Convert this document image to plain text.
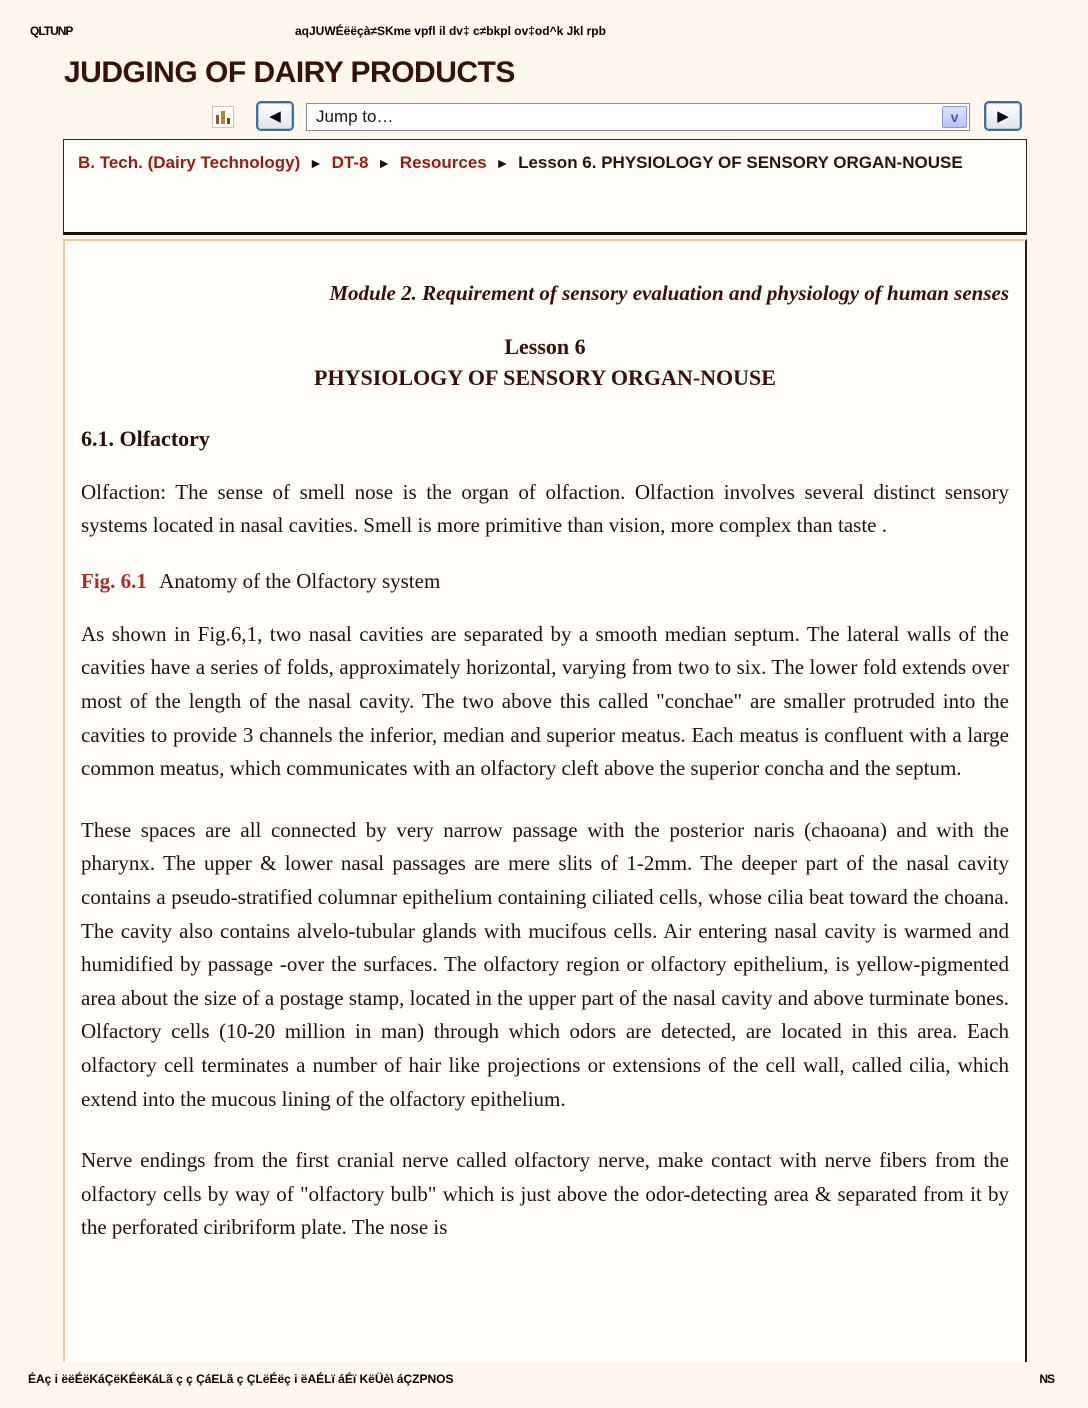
QLTUNP	aqJUWÉëëçà≠SKme vpfl il dv‡ c≠bkpl ov‡od^k Jkl rpb
JUDGING OF DAIRY PRODUCTS
◀	Jump to…	v	▶
B. Tech. (Dairy Technology) ► DT-8 ► Resources ► Lesson 6. PHYSIOLOGY OF SENSORY ORGAN-NOUSE
Module 2. Requirement of sensory evaluation and physiology of human senses
Lesson 6
PHYSIOLOGY OF SENSORY ORGAN-NOUSE
6.1. Olfactory

Olfaction: The sense of smell nose is the organ of olfaction. Olfaction involves several distinct sensory systems located in nasal cavities. Smell is more primitive than vision, more complex than taste .

Fig. 6.1 Anatomy of the Olfactory system

As shown in Fig.6,1, two nasal cavities are separated by a smooth median septum. The lateral walls of the cavities have a series of folds, approximately horizontal, varying from two to six. The lower fold extends over most of the length of the nasal cavity. The two above this called "conchae" are smaller protruded into the cavities to provide 3 channels the inferior, median and superior meatus. Each meatus is confluent with a large common meatus, which communicates with an olfactory cleft above the superior concha and the septum.

These spaces are all connected by very narrow passage with the posterior naris (chaoana) and with the pharynx. The upper & lower nasal passages are mere slits of 1-2mm. The deeper part of the nasal cavity contains a pseudo-stratified columnar epithelium containing ciliated cells, whose cilia beat toward the choana. The cavity also contains alvelo-tubular glands with mucifous cells. Air entering nasal cavity is warmed and humidified by passage -over the surfaces. The olfactory region or olfactory epithelium, is yellow-pigmented area about the size of a postage stamp, located in the upper part of the nasal cavity and above turminate bones. Olfactory cells (10-20 million in man) through which odors are detected, are located in this area. Each olfactory cell terminates a number of hair like projections or extensions of the cell wall, called cilia, which extend into the mucous lining of the olfactory epithelium.

Nerve endings from the first cranial nerve called olfactory nerve, make contact with nerve fibers from the olfactory cells by way of "olfactory bulb" which is just above the odor-detecting area & separated from it by the perforated ciribriform plate. The nose is

ÉAç i ëëÉëKáÇëKÉëKáLã ç ç ÇáELã ç ÇLëÉëç i ëAÉLï áÉï KëÜè\ áÇZPNOS	NS
